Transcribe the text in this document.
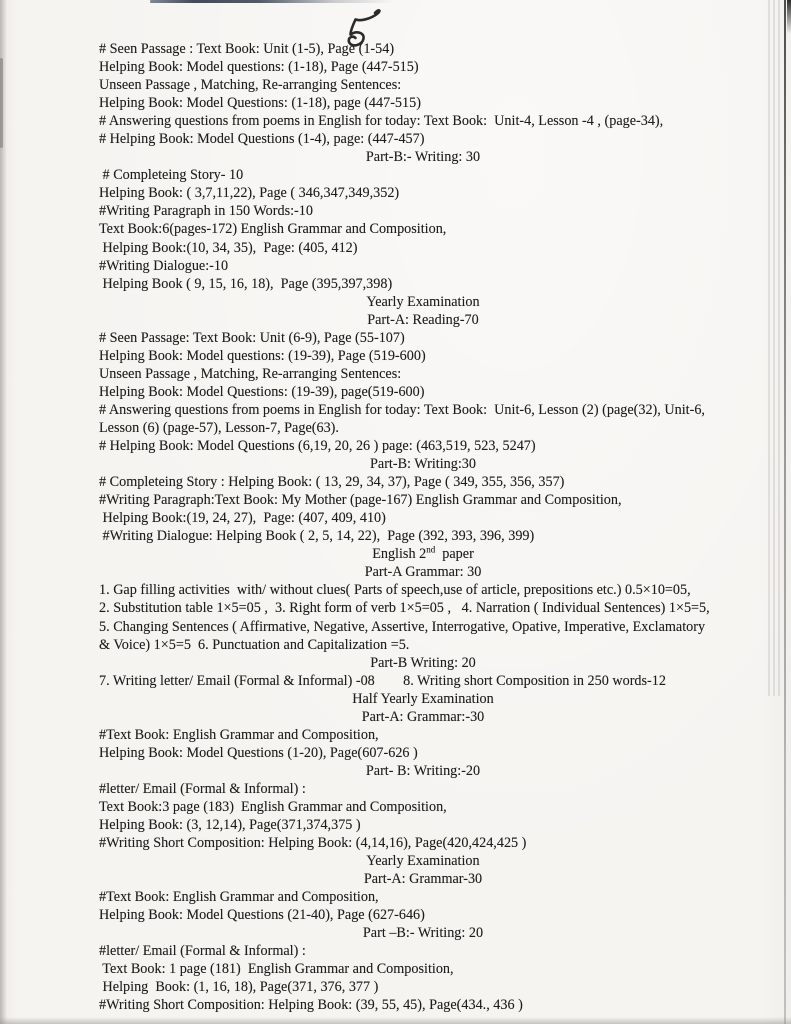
# Seen Passage : Text Book: Unit (1-5), Page (1-54)
Helping Book: Model questions: (1-18), Page (447-515)
Unseen Passage , Matching, Re-arranging Sentences:
Helping Book: Model Questions: (1-18), page (447-515)
# Answering questions from poems in English for today: Text Book:  Unit-4, Lesson -4 , (page-34),
# Helping Book: Model Questions (1-4), page: (447-457)
Part-B:- Writing: 30
# Completeing Story- 10
Helping Book: ( 3,7,11,22), Page ( 346,347,349,352)
#Writing Paragraph in 150 Words:-10
Text Book:6(pages-172) English Grammar and Composition,
Helping Book:(10, 34, 35),  Page: (405, 412)
#Writing Dialogue:-10
Helping Book ( 9, 15, 16, 18),  Page (395,397,398)
Yearly Examination
Part-A: Reading-70
# Seen Passage: Text Book: Unit (6-9), Page (55-107)
Helping Book: Model questions: (19-39), Page (519-600)
Unseen Passage , Matching, Re-arranging Sentences:
Helping Book: Model Questions: (19-39), page(519-600)
# Answering questions from poems in English for today: Text Book:  Unit-6, Lesson (2) (page(32), Unit-6,
Lesson (6) (page-57), Lesson-7, Page(63).
# Helping Book: Model Questions (6,19, 20, 26 ) page: (463,519, 523, 5247)
Part-B: Writing:30
# Completeing Story : Helping Book: ( 13, 29, 34, 37), Page ( 349, 355, 356, 357)
#Writing Paragraph:Text Book: My Mother (page-167) English Grammar and Composition,
Helping Book:(19, 24, 27),  Page: (407, 409, 410)
#Writing Dialogue: Helping Book ( 2, 5, 14, 22),  Page (392, 393, 396, 399)
English 2nd  paper
Part-A Grammar: 30
1. Gap filling activities  with/ without clues( Parts of speech,use of article, prepositions etc.) 0.5×10=05,
2. Substitution table 1×5=05 ,  3. Right form of verb 1×5=05 ,   4. Narration ( Individual Sentences) 1×5=5,
5. Changing Sentences ( Affirmative, Negative, Assertive, Interrogative, Opative, Imperative, Exclamatory
& Voice) 1×5=5  6. Punctuation and Capitalization =5.
Part-B Writing: 20
7. Writing letter/ Email (Formal & Informal) -08        8. Writing short Composition in 250 words-12
Half Yearly Examination
Part-A: Grammar:-30
#Text Book: English Grammar and Composition,
Helping Book: Model Questions (1-20), Page(607-626 )
Part- B: Writing:-20
#letter/ Email (Formal & Informal) :
Text Book:3 page (183)  English Grammar and Composition,
Helping Book: (3, 12,14), Page(371,374,375 )
#Writing Short Composition: Helping Book: (4,14,16), Page(420,424,425 )
Yearly Examination
Part-A: Grammar-30
#Text Book: English Grammar and Composition,
Helping Book: Model Questions (21-40), Page (627-646)
Part –B:- Writing: 20
#letter/ Email (Formal & Informal) :
Text Book: 1 page (181)  English Grammar and Composition,
Helping  Book: (1, 16, 18), Page(371, 376, 377 )
#Writing Short Composition: Helping Book: (39, 55, 45), Page(434., 436 )
